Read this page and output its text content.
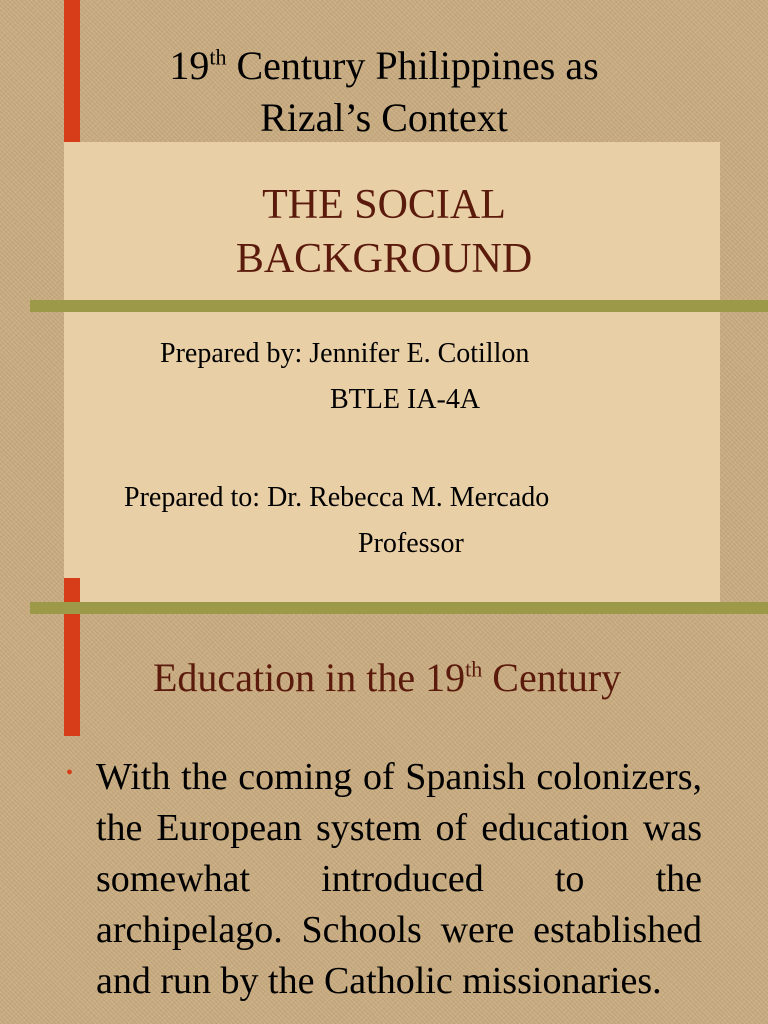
19th Century Philippines as
Rizal’s Context
THE SOCIAL
BACKGROUND
Prepared by: Jennifer E. Cotillon
BTLE IA-4A
Prepared to: Dr. Rebecca M. Mercado
Professor
Education in the 19th Century
• With the coming of Spanish colonizers, the European system of education was somewhat introduced to the archipelago. Schools were established and run by the Catholic missionaries.
